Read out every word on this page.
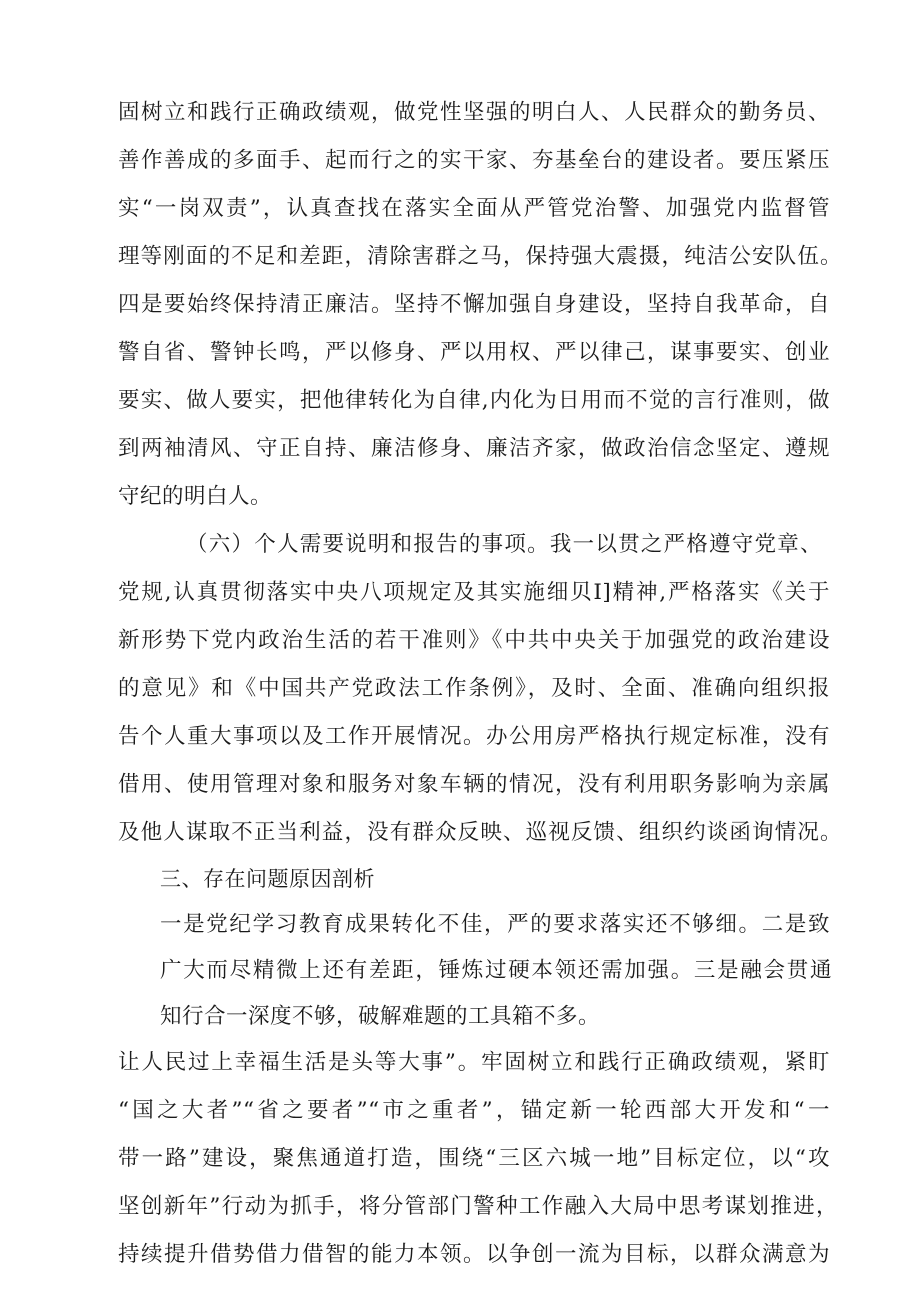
固树立和践行正确政绩观，做党性坚强的明白人、人民群众的勤务员、
善作善成的多面手、起而行之的实干家、夯基垒台的建设者。要压紧压
实“一岗双责”，认真查找在落实全面从严管党治警、加强党内监督管
理等刚面的不足和差距，清除害群之马，保持强大震摄，纯洁公安队伍。
四是要始终保持清正廉洁。坚持不懈加强自身建设，坚持自我革命，自
警自省、警钟长鸣，严以修身、严以用权、严以律己，谋事要实、创业
要实、做人要实，把他律转化为自律,内化为日用而不觉的言行准则，做
到两袖清风、守正自持、廉洁修身、廉洁齐家，做政治信念坚定、遵规
守纪的明白人。
（六）个人需要说明和报告的事项。我一以贯之严格遵守党章、
党规,认真贯彻落实中央八项规定及其实施细贝I]精神,严格落实《关于
新形势下党内政治生活的若干准则》《中共中央关于加强党的政治建设
的意见》和《中国共产党政法工作条例》，及时、全面、准确向组织报
告个人重大事项以及工作开展情况。办公用房严格执行规定标准，没有
借用、使用管理对象和服务对象车辆的情况，没有利用职务影响为亲属
及他人谋取不正当利益，没有群众反映、巡视反馈、组织约谈函询情况。
三、存在问题原因剖析
一是党纪学习教育成果转化不佳，严的要求落实还不够细。二是致
广大而尽精微上还有差距，锤炼过硬本领还需加强。三是融会贯通
知行合一深度不够，破解难题的工具箱不多。
让人民过上幸福生活是头等大事”。牢固树立和践行正确政绩观，紧盯
“国之大者”“省之要者”“市之重者”，锚定新一轮西部大开发和“一
带一路”建设，聚焦通道打造，围绕“三区六城一地”目标定位，以“攻
坚创新年”行动为抓手，将分管部门警种工作融入大局中思考谋划推进，
持续提升借势借力借智的能力本领。以争创一流为目标，以群众满意为
